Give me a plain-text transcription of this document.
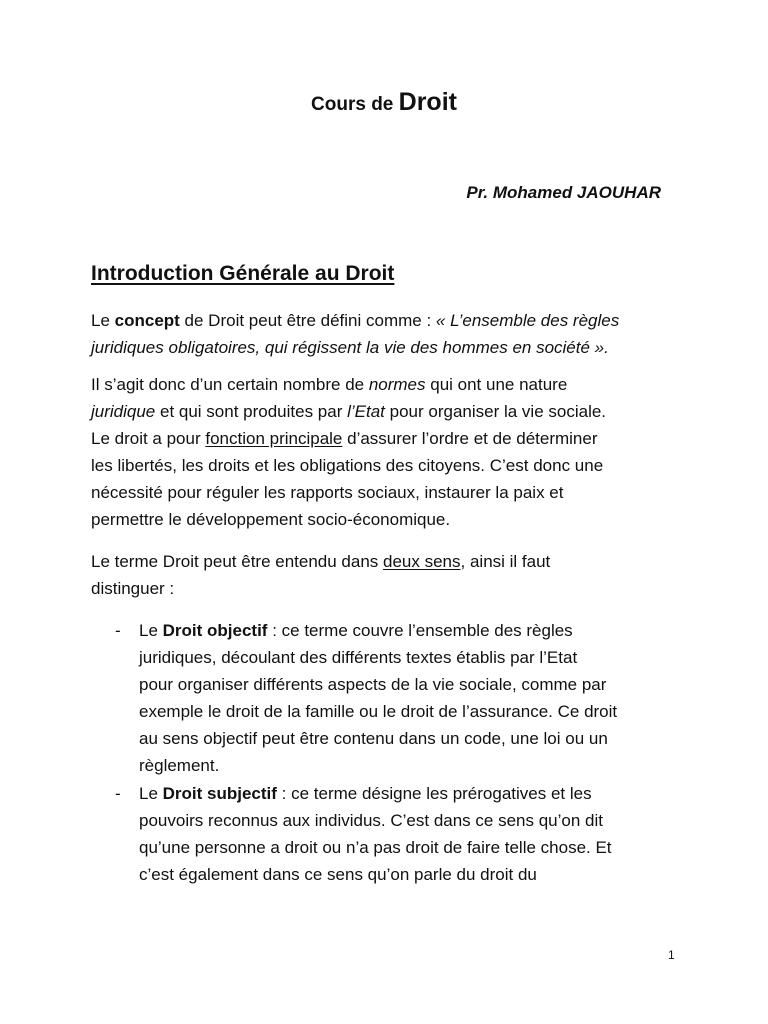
Cours de Droit
Pr. Mohamed JAOUHAR
Introduction Générale au Droit
Le concept de Droit peut être défini comme : « L’ensemble des règles
juridiques obligatoires, qui régissent la vie des hommes en société ».
Il s’agit donc d’un certain nombre de normes qui ont une nature
juridique et qui sont produites par l’Etat pour organiser la vie sociale.
Le droit a pour fonction principale d’assurer l’ordre et de déterminer
les libertés, les droits et les obligations des citoyens. C’est donc une
nécessité pour réguler les rapports sociaux, instaurer la paix et
permettre le développement socio-économique.
Le terme Droit peut être entendu dans deux sens, ainsi il faut
distinguer :
- Le Droit objectif : ce terme couvre l’ensemble des règles
juridiques, découlant des différents textes établis par l’Etat
pour organiser différents aspects de la vie sociale, comme par
exemple le droit de la famille ou le droit de l’assurance. Ce droit
au sens objectif peut être contenu dans un code, une loi ou un
règlement.
- Le Droit subjectif : ce terme désigne les prérogatives et les
pouvoirs reconnus aux individus. C’est dans ce sens qu’on dit
qu’une personne a droit ou n’a pas droit de faire telle chose. Et
c’est également dans ce sens qu’on parle du droit du
1
